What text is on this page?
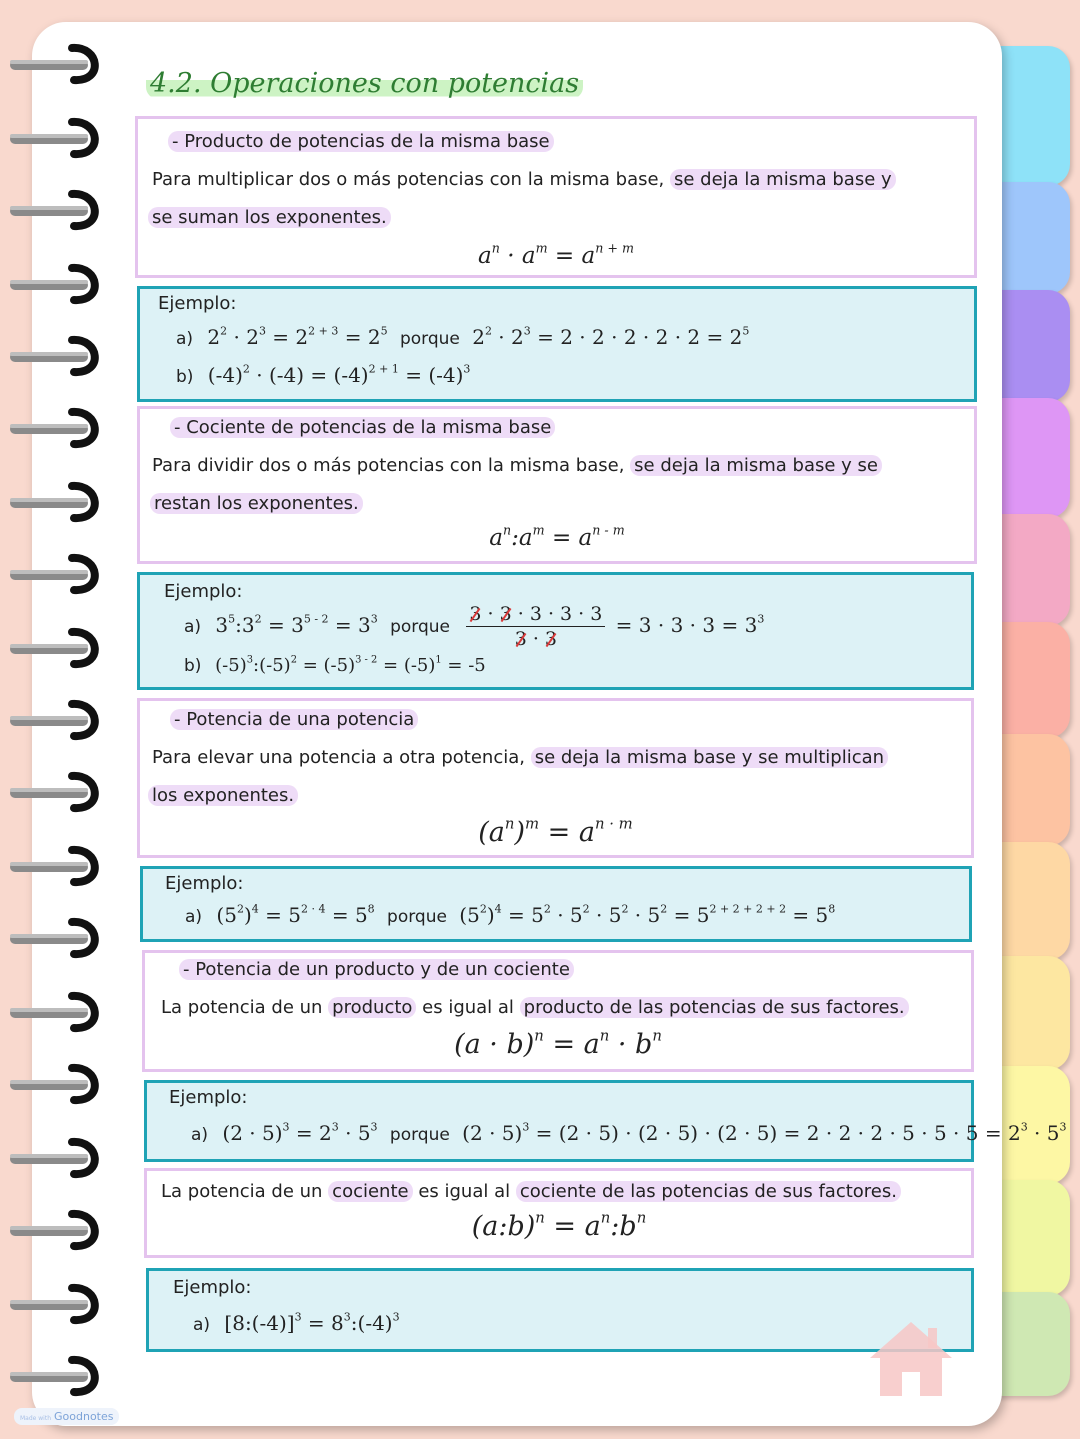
4.2. Operaciones con potencias
- Producto de potencias de la misma base
Para multiplicar dos o más potencias con la misma base, se deja la misma base y
se suman los exponentes.
$a^n \cdot a^m = a^{n + m}$
Ejemplo:
a) $2^2 \cdot 2^3 = 2^{2 + 3} = 2^5$ porque $2^2 \cdot 2^3 = 2 \cdot 2 \cdot 2 \cdot 2 \cdot 2 = 2^5$
b) $(-4)^2 \cdot (-4) = (-4)^{2 + 1} = (-4)^3$
- Cociente de potencias de la misma base
Para dividir dos o más potencias con la misma base, se deja la misma base y se
restan los exponentes.
$a^n:a^m = a^{n - m}$
Ejemplo:
a) $3^5:3^2 = 3^{5 - 2} = 3^3$ porque $\frac{3 \cdot 3 \cdot 3 \cdot 3 \cdot 3}{3 \cdot 3} = 3 \cdot 3 \cdot 3 = 3^3$
b) $(-5)^3:(-5)^2 = (-5)^{3 - 2} = (-5)^1 = -5$
- Potencia de una potencia
Para elevar una potencia a otra potencia, se deja la misma base y se multiplican
los exponentes.
$(a^n)^m = a^{n \cdot m}$
Ejemplo:
a) $(5^2)^4 = 5^{2 \cdot 4} = 5^8$ porque $(5^2)^4 = 5^2 \cdot 5^2 \cdot 5^2 \cdot 5^2 = 5^{2 + 2 + 2 + 2} = 5^8$
- Potencia de un producto y de un cociente
La potencia de un producto es igual al producto de las potencias de sus factores.
$(a \cdot b)^n = a^n \cdot b^n$
Ejemplo:
a) $(2 \cdot 5)^3 = 2^3 \cdot 5^3$ porque $(2 \cdot 5)^3 = (2 \cdot 5) \cdot (2 \cdot 5) \cdot (2 \cdot 5) = 2 \cdot 2 \cdot 2 \cdot 5 \cdot 5 \cdot 5 = 2^3 \cdot 5^3$
La potencia de un cociente es igual al cociente de las potencias de sus factores.
(a:b)$^n$ = $a^n:b^n$
Ejemplo:
a) [8:(-4)]$^3$ = $8^3:(-4)^3$
Made with Goodnotes
